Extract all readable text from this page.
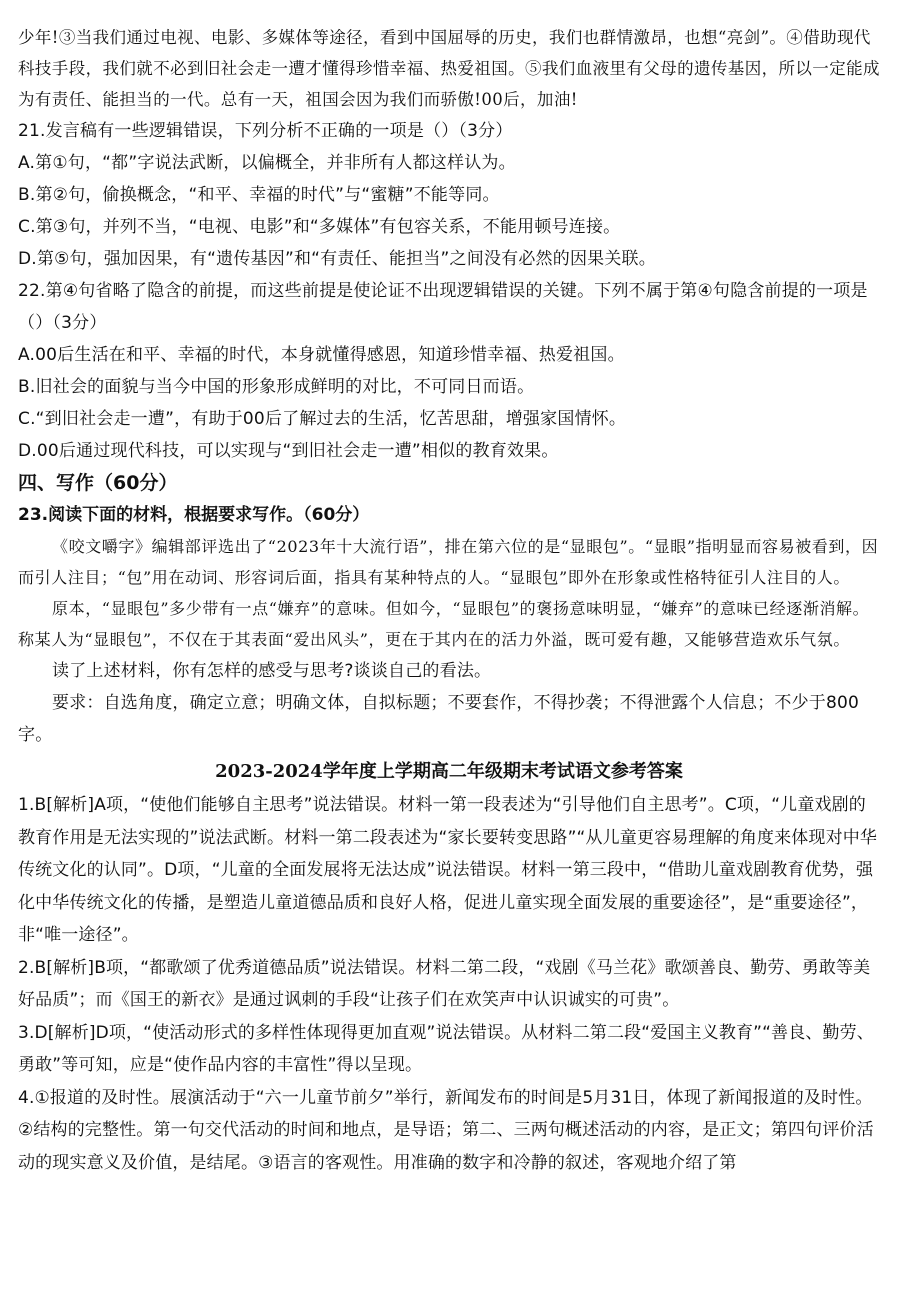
少年!③当我们通过电视、电影、多媒体等途径，看到中国屈辱的历史，我们也群情激昂，也想“亮剑”。④借助现代科技手段，我们就不必到旧社会走一遭才懂得珍惜幸福、热爱祖国。⑤我们血液里有父母的遗传基因，所以一定能成为有责任、能担当的一代。总有一天，祖国会因为我们而骄傲!00后，加油!

21.发言稿有一些逻辑错误，下列分析不正确的一项是（）（3分）

A.第①句，“都”字说法武断，以偏概全，并非所有人都这样认为。

B.第②句，偷换概念，“和平、幸福的时代”与“蜜糖”不能等同。

C.第③句，并列不当，“电视、电影”和“多媒体”有包容关系，不能用顿号连接。

D.第⑤句，强加因果，有“遗传基因”和“有责任、能担当”之间没有必然的因果关联。

22.第④句省略了隐含的前提，而这些前提是使论证不出现逻辑错误的关键。下列不属于第④句隐含前提的一项是（）（3分）

A.00后生活在和平、幸福的时代，本身就懂得感恩，知道珍惜幸福、热爱祖国。

B.旧社会的面貌与当今中国的形象形成鲜明的对比，不可同日而语。

C.“到旧社会走一遭”，有助于00后了解过去的生活，忆苦思甜，增强家国情怀。

D.00后通过现代科技，可以实现与“到旧社会走一遭”相似的教育效果。

四、写作（60分）

23.阅读下面的材料，根据要求写作。（60分）

《咬文嚼字》编辑部评选出了“2023年十大流行语”，排在第六位的是“显眼包”。“显眼”指明显而容易被看到，因而引人注目；“包”用在动词、形容词后面，指具有某种特点的人。“显眼包”即外在形象或性格特征引人注目的人。

原本，“显眼包”多少带有一点“嫌弃”的意味。但如今，“显眼包”的褒扬意味明显，“嫌弃”的意味已经逐渐消解。称某人为“显眼包”，不仅在于其表面“爱出风头”，更在于其内在的活力外溢，既可爱有趣，又能够营造欢乐气氛。

读了上述材料，你有怎样的感受与思考?谈谈自己的看法。

要求：自选角度，确定立意；明确文体，自拟标题；不要套作，不得抄袭；不得泄露个人信息；不少于800字。

2023-2024学年度上学期高二年级期末考试语文参考答案

1.B[解析]A项，“使他们能够自主思考”说法错误。材料一第一段表述为“引导他们自主思考”。C项，“儿童戏剧的教育作用是无法实现的”说法武断。材料一第二段表述为“家长要转变思路”“从儿童更容易理解的角度来体现对中华传统文化的认同”。D项，“儿童的全面发展将无法达成”说法错误。材料一第三段中，“借助儿童戏剧教育优势，强化中华传统文化的传播，是塑造儿童道德品质和良好人格，促进儿童实现全面发展的重要途径”，是“重要途径”，非“唯一途径”。

2.B[解析]B项，“都歌颂了优秀道德品质”说法错误。材料二第二段，“戏剧《马兰花》歌颂善良、勤劳、勇敢等美好品质”；而《国王的新衣》是通过讽刺的手段“让孩子们在欢笑声中认识诚实的可贵”。

3.D[解析]D项，“使活动形式的多样性体现得更加直观”说法错误。从材料二第二段“爱国主义教育”“善良、勤劳、勇敢”等可知，应是“使作品内容的丰富性”得以呈现。

4.①报道的及时性。展演活动于“六一儿童节前夕”举行，新闻发布的时间是5月31日，体现了新闻报道的及时性。②结构的完整性。第一句交代活动的时间和地点，是导语；第二、三两句概述活动的内容，是正文；第四句评价活动的现实意义及价值，是结尾。③语言的客观性。用准确的数字和冷静的叙述，客观地介绍了第
